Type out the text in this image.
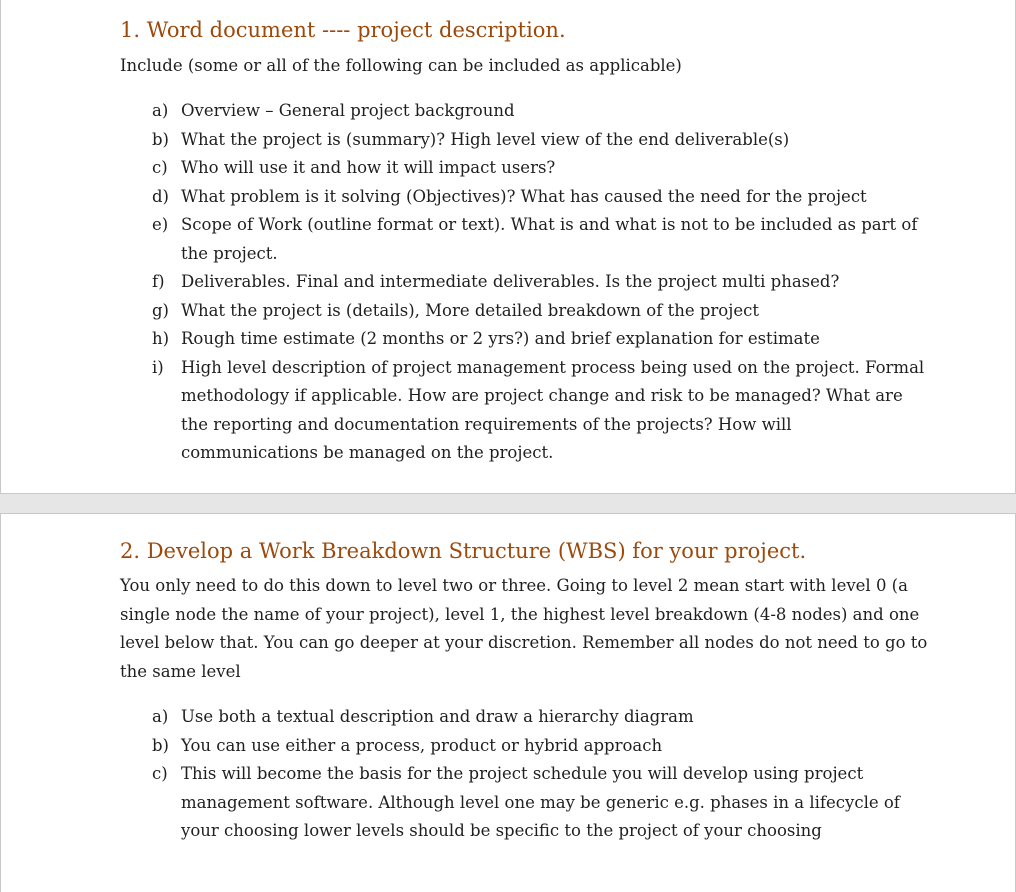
1. Word document ---- project description.

Include (some or all of the following can be included as applicable)

a) Overview – General project background
b) What the project is (summary)? High level view of the end deliverable(s)
c) Who will use it and how it will impact users?
d) What problem is it solving (Objectives)? What has caused the need for the project
e) Scope of Work (outline format or text). What is and what is not to be included as part of
the project.
f) Deliverables. Final and intermediate deliverables. Is the project multi phased?
g) What the project is (details), More detailed breakdown of the project
h) Rough time estimate (2 months or 2 yrs?) and brief explanation for estimate
i) High level description of project management process being used on the project. Formal
methodology if applicable. How are project change and risk to be managed? What are
the reporting and documentation requirements of the projects? How will
communications be managed on the project.
2. Develop a Work Breakdown Structure (WBS) for your project.

You only need to do this down to level two or three. Going to level 2 mean start with level 0 (a
single node the name of your project), level 1, the highest level breakdown (4-8 nodes) and one
level below that. You can go deeper at your discretion. Remember all nodes do not need to go to
the same level

a) Use both a textual description and draw a hierarchy diagram
b) You can use either a process, product or hybrid approach
c) This will become the basis for the project schedule you will develop using project
management software. Although level one may be generic e.g. phases in a lifecycle of
your choosing lower levels should be specific to the project of your choosing
